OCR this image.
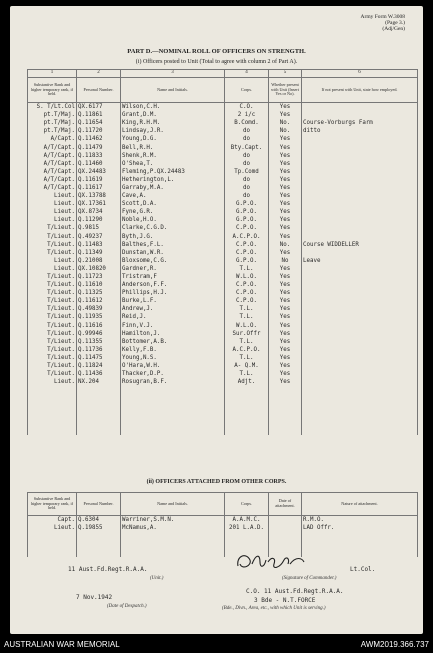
Army Form W.3008
(Page 3.)
(Adj/Gen)
PART D.—NOMINAL ROLL OF OFFICERS ON STRENGTH.
(i) Officers posted to Unit (Total to agree with column 2 of Part A).
1	2	3	4	5	6
Substantive Rank and higher temporary rank, if held.	Personal Number.	Name and Initials.	Corps.	Whether present with Unit (Insert Yes or No).	If not present with Unit, state how employed.
S. T/Lt.Col	QX.6177	Wilson,C.H.	C.O.	Yes	
pt.T/Maj.	Q.11861	Grant,D.M.	2 i/c	Yes	
pt.T/Maj.	Q.11654	King,R.H.M.	B.Comd.	No.	Course-Vorburgs Farm
pt.T/Maj.	Q.11720	Lindsay,J.R.	do	No.	ditto
A/Capt.	Q.11462	Young,D.G.	do	Yes	
A/T/Capt.	Q.11479	Bell,R.H.	Bty.Capt.	Yes	
A/T/Capt.	Q.11833	Shenk,R.M.	do	Yes	
A/T/Capt.	Q.11460	O'Shea,T.	do	Yes	
A/T/Capt.	QX.24483	Fleming,P.QX.24483	Tp.Comd	Yes	
A/T/Capt.	Q.11619	Hetherington,L.	do	Yes	
A/T/Capt.	Q.11617	Garraby,M.A.	do	Yes	
Lieut.	QX.13788	Cave,A.	do	Yes	
Lieut.	QX.17361	Scott,D.A.	G.P.O.	Yes	
Lieut.	QX.8734	Fyne,G.R.	G.P.O.	Yes	
Lieut.	Q.11290	Noble,H.O.	G.P.O.	Yes	
T/Lieut.	Q.9815	Clarke,C.G.D.	C.P.O.	Yes	
T/Lieut.	Q.49237	Byth,J.G.	A.C.P.O.	Yes	
T/Lieut.	Q.11483	Balthes,F.L.	C.P.O.	No.	Course WIDDELLER
T/Lieut.	Q.11349	Dunstan,W.R.	C.P.O.	Yes	
Lieut.	Q.21008	Bloxsome,C.G.	G.P.O.	No	Leave
Lieut.	QX.10820	Gardner,R.	T.L.	Yes	
T/Lieut.	Q.11723	Tristram,F	W.L.O.	Yes	
T/Lieut.	Q.11610	Anderson,F.F.	C.P.O.	Yes	
T/Lieut.	Q.11325	Phillips,H.J.	C.P.O.	Yes	
T/Lieut.	Q.11612	Burke,L.F.	C.P.O.	Yes	
T/Lieut.	Q.49839	Andrew,J.	T.L.	Yes	
T/Lieut.	Q.11935	Reid,J.	T.L.	Yes	
T/Lieut.	Q.11616	Finn,V.J.	W.L.O.	Yes	
T/Lieut.	Q.99946	Hamilton,J.	Sur.Offr	Yes	
T/Lieut.	Q.11355	Bottomer,A.B.	T.L.	Yes	
T/Lieut.	Q.11736	Kelly,F.B.	A.C.P.O.	Yes	
T/Lieut.	Q.11475	Young,N.S.	T.L.	Yes	
T/Lieut.	Q.11824	O'Hara,W.H.	A- Q.M.	Yes	
T/Lieut.	Q.11436	Thacker,D.P.	T.L.	Yes	
Lieut.	NX.204	Rosugran,B.F.	Adjt.	Yes	

(ii) OFFICERS ATTACHED FROM OTHER CORPS.
Substantive Rank and higher temporary rank, if held.	Personal Number.	Name and Initials.	Corps.	Date of attachment.	Nature of attachment.
Capt.	Q.6304	Warriner,S.M.N.	A.A.M.C.		R.M.O.
Lieut.	Q.19855	McNamus,A.	201 L.A.D.		LAD Offr.

11 Aust.Fd.Regt.R.A.A.
(Unit.)
Lt.Col.
(Signature of Commander.)
C.O. 11 Aust.Fd.Regt.R.A.A.
7 Nov.1942
(Date of Despatch.)
3 Bde - N.T.FORCE
(Bde., Divn., Area, etc., with which Unit is serving.)
AUSTRALIAN WAR MEMORIAL	AWM2019.366.737
